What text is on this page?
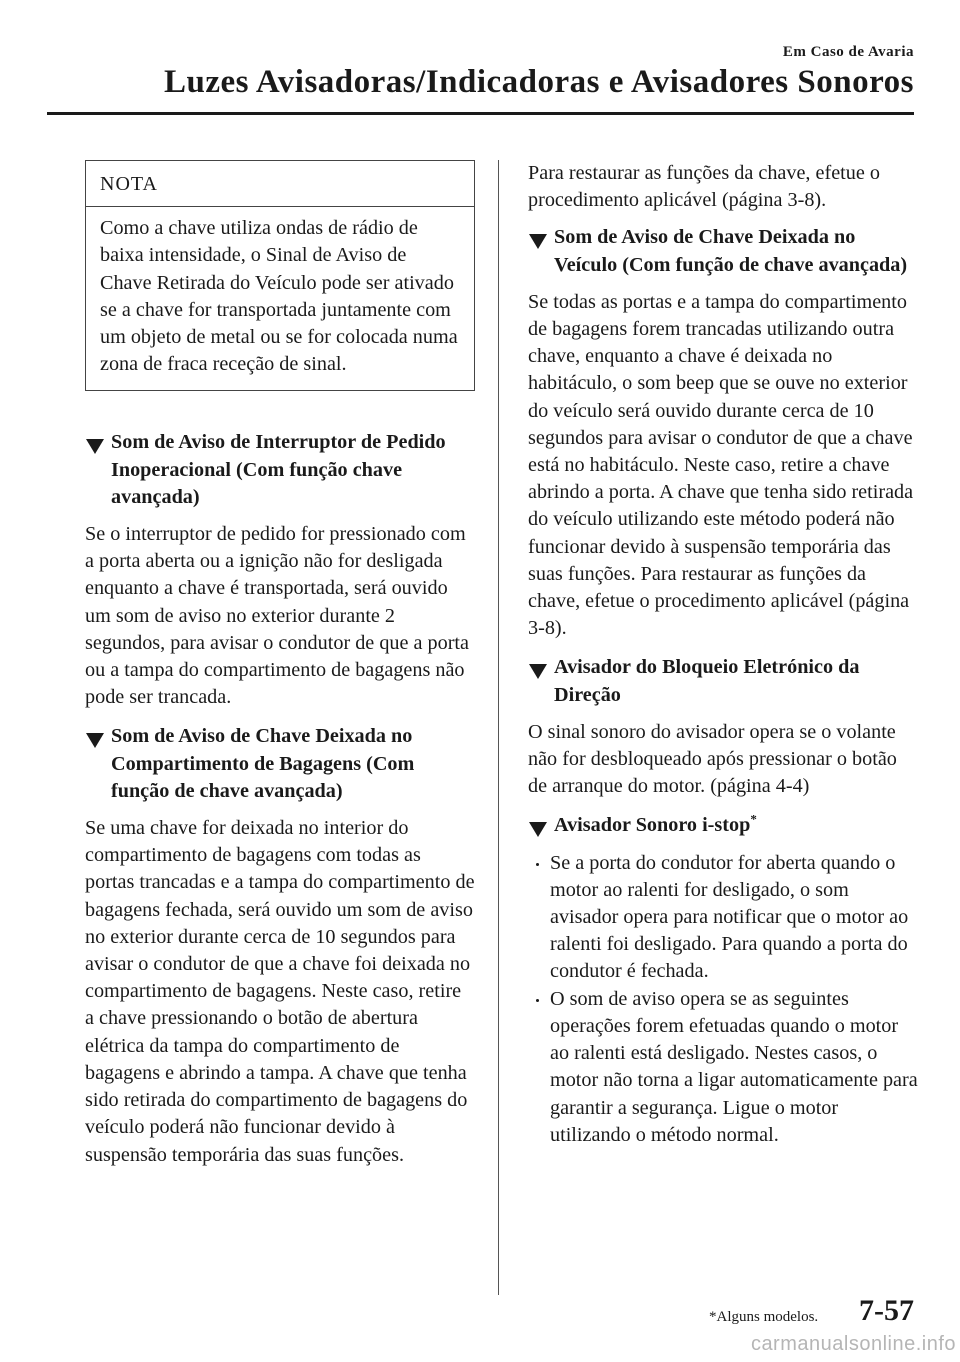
Em Caso de Avaria
Luzes Avisadoras/Indicadoras e Avisadores Sonoros
NOTA
Como a chave utiliza ondas de rádio de baixa intensidade, o Sinal de Aviso de Chave Retirada do Veículo pode ser ativado se a chave for transportada juntamente com um objeto de metal ou se for colocada numa zona de fraca receção de sinal.
Som de Aviso de Interruptor de Pedido Inoperacional (Com função chave avançada)

Se o interruptor de pedido for pressionado com a porta aberta ou a ignição não for desligada enquanto a chave é transportada, será ouvido um som de aviso no exterior durante 2 segundos, para avisar o condutor de que a porta ou a tampa do compartimento de bagagens não pode ser trancada.

Som de Aviso de Chave Deixada no Compartimento de Bagagens (Com função de chave avançada)

Se uma chave for deixada no interior do compartimento de bagagens com todas as portas trancadas e a tampa do compartimento de bagagens fechada, será ouvido um som de aviso no exterior durante cerca de 10 segundos para avisar o condutor de que a chave foi deixada no compartimento de bagagens. Neste caso, retire a chave pressionando o botão de abertura elétrica da tampa do compartimento de bagagens e abrindo a tampa. A chave que tenha sido retirada do compartimento de bagagens do veículo poderá não funcionar devido à suspensão temporária das suas funções.

Para restaurar as funções da chave, efetue o procedimento aplicável (página 3-8).

Som de Aviso de Chave Deixada no Veículo (Com função de chave avançada)

Se todas as portas e a tampa do compartimento de bagagens forem trancadas utilizando outra chave, enquanto a chave é deixada no habitáculo, o som beep que se ouve no exterior do veículo será ouvido durante cerca de 10 segundos para avisar o condutor de que a chave está no habitáculo. Neste caso, retire a chave abrindo a porta. A chave que tenha sido retirada do veículo utilizando este método poderá não funcionar devido à suspensão temporária das suas funções. Para restaurar as funções da chave, efetue o procedimento aplicável (página 3-8).

Avisador do Bloqueio Eletrónico da Direção

O sinal sonoro do avisador opera se o volante não for desbloqueado após pressionar o botão de arranque do motor. (página 4-4)

Avisador Sonoro i-stop*
Se a porta do condutor for aberta quando o motor ao ralenti for desligado, o som avisador opera para notificar que o motor ao ralenti foi desligado. Para quando a porta do condutor é fechada.
O som de aviso opera se as seguintes operações forem efetuadas quando o motor ao ralenti está desligado. Nestes casos, o motor não torna a ligar automaticamente para garantir a segurança. Ligue o motor utilizando o método normal.
*Alguns modelos. 7-57
carmanualsonline.info
